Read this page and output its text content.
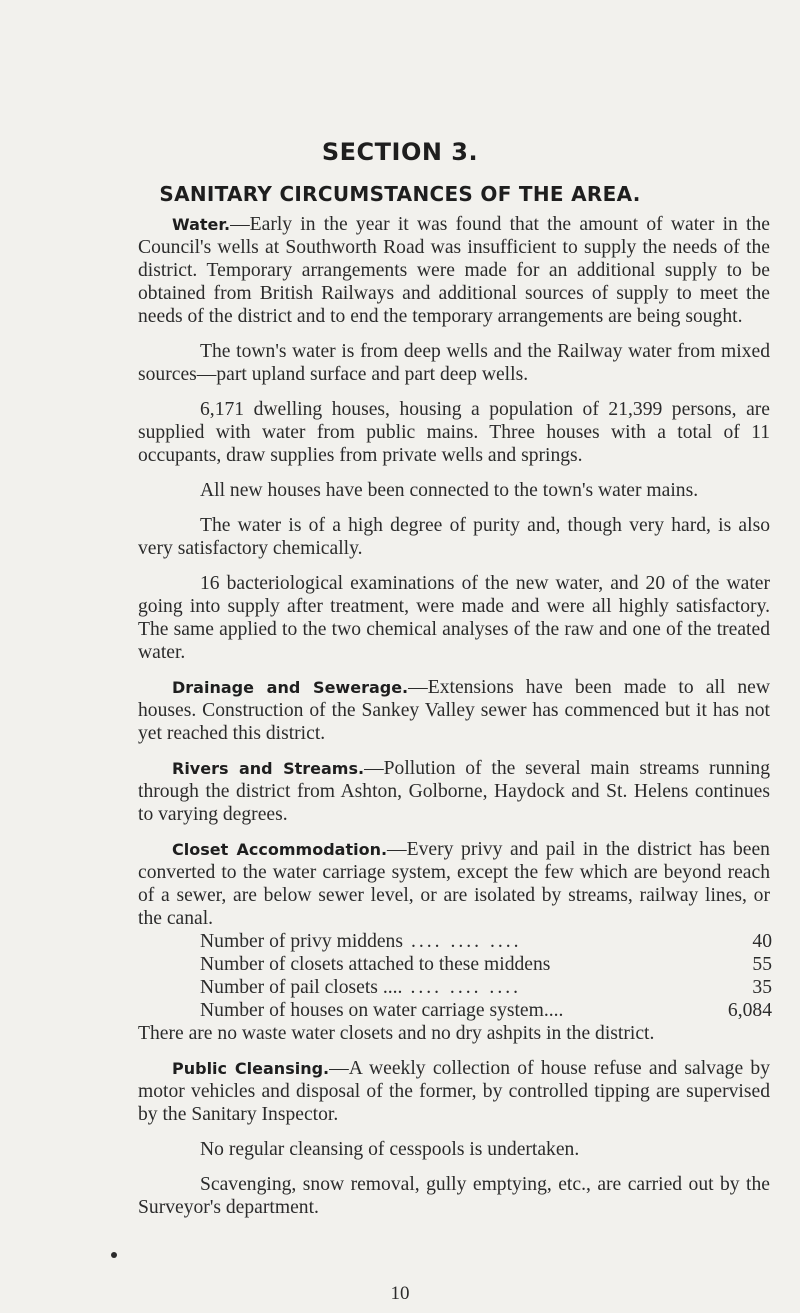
SECTION 3.
SANITARY CIRCUMSTANCES OF THE AREA.

Water.—Early in the year it was found that the amount of water in the Council's wells at Southworth Road was insufficient to supply the needs of the district. Temporary arrangements were made for an additional supply to be obtained from British Railways and additional sources of supply to meet the needs of the district and to end the temporary arrangements are being sought.

The town's water is from deep wells and the Railway water from mixed sources—part upland surface and part deep wells.

6,171 dwelling houses, housing a population of 21,399 persons, are supplied with water from public mains. Three houses with a total of 11 occupants, draw supplies from private wells and springs.

All new houses have been connected to the town's water mains.

The water is of a high degree of purity and, though very hard, is also very satisfactory chemically.

16 bacteriological examinations of the new water, and 20 of the water going into supply after treatment, were made and were all highly satisfactory. The same applied to the two chemical analyses of the raw and one of the treated water.

Drainage and Sewerage.—Extensions have been made to all new houses. Construction of the Sankey Valley sewer has commenced but it has not yet reached this district.

Rivers and Streams.—Pollution of the several main streams running through the district from Ashton, Golborne, Haydock and St. Helens continues to varying degrees.

Closet Accommodation.—Every privy and pail in the district has been converted to the water carriage system, except the few which are beyond reach of a sewer, are below sewer level, or are isolated by streams, railway lines, or the canal.

Number of privy middens .... .... ....	40
Number of closets attached to these middens	55
Number of pail closets .... .... .... ....	35
Number of houses on water carriage system....	6,084

There are no waste water closets and no dry ashpits in the district.

Public Cleansing.—A weekly collection of house refuse and salvage by motor vehicles and disposal of the former, by controlled tipping are supervised by the Sanitary Inspector.

No regular cleansing of cesspools is undertaken.

Scavenging, snow removal, gully emptying, etc., are carried out by the Surveyor's department.

10
